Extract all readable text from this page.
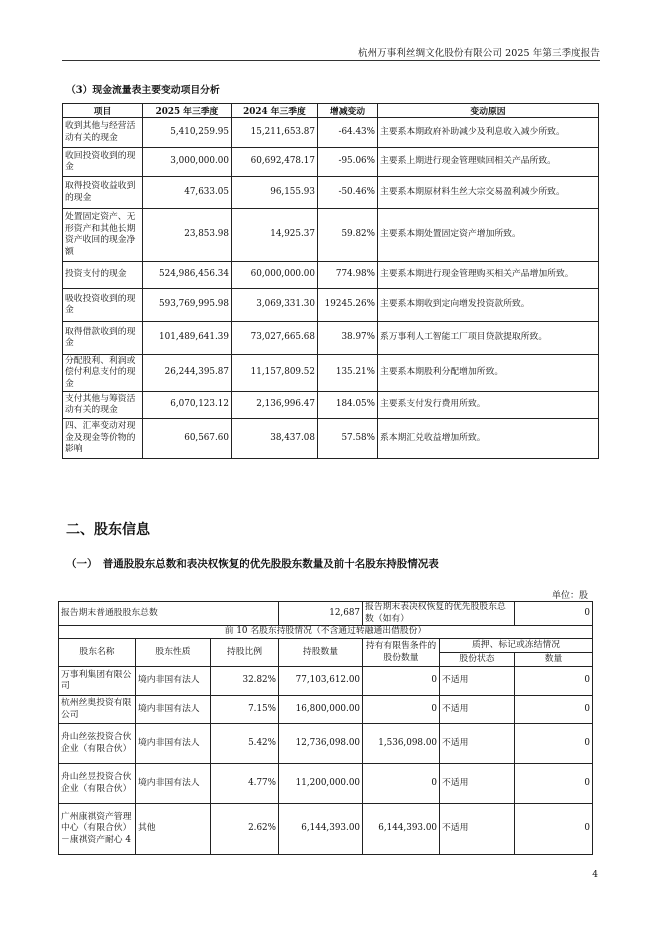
杭州万事利丝绸文化股份有限公司 2025 年第三季度报告
（3）现金流量表主要变动项目分析
项目	2025 年三季度	2024 年三季度	增减变动	变动原因
收到其他与经营活动有关的现金	5,410,259.95	15,211,653.87	-64.43%	主要系本期政府补助减少及利息收入减少所致。
收回投资收到的现金	3,000,000.00	60,692,478.17	-95.06%	主要系上期进行现金管理赎回相关产品所致。
取得投资收益收到的现金	47,633.05	96,155.93	-50.46%	主要系本期原材料生丝大宗交易盈利减少所致。
处置固定资产、无形资产和其他长期资产收回的现金净额	23,853.98	14,925.37	59.82%	主要系本期处置固定资产增加所致。
投资支付的现金	524,986,456.34	60,000,000.00	774.98%	主要系本期进行现金管理购买相关产品增加所致。
吸收投资收到的现金	593,769,995.98	3,069,331.30	19245.26%	主要系本期收到定向增发投资款所致。
取得借款收到的现金	101,489,641.39	73,027,665.68	38.97%	系万事利人工智能工厂项目贷款提取所致。
分配股利、利润或偿付利息支付的现金	26,244,395.87	11,157,809.52	135.21%	主要系本期股利分配增加所致。
支付其他与筹资活动有关的现金	6,070,123.12	2,136,996.47	184.05%	主要系支付发行费用所致。
四、汇率变动对现金及现金等价物的影响	60,567.60	38,437.08	57.58%	系本期汇兑收益增加所致。
二、股东信息
（一）　普通股股东总数和表决权恢复的优先股股东数量及前十名股东持股情况表
单位：股
报告期末普通股股东总数			12,687	报告期末表决权恢复的优先股股东总数（如有）		0
前 10 名股东持股情况（不含通过转融通出借股份）						
股东名称	股东性质	持股比例	持股数量	持有有限售条件的股份数量	质押、标记或冻结情况	
					股份状态	数量
万事利集团有限公司	境内非国有法人	32.82%	77,103,612.00	0	不适用	0
杭州丝奥投资有限公司	境内非国有法人	7.15%	16,800,000.00	0	不适用	0
舟山丝弦投资合伙企业（有限合伙）	境内非国有法人	5.42%	12,736,098.00	1,536,098.00	不适用	0
舟山丝昱投资合伙企业（有限合伙）	境内非国有法人	4.77%	11,200,000.00	0	不适用	0
广州康祺资产管理中心（有限合伙）－康祺资产耐心 4	其他	2.62%	6,144,393.00	6,144,393.00	不适用	0
4
